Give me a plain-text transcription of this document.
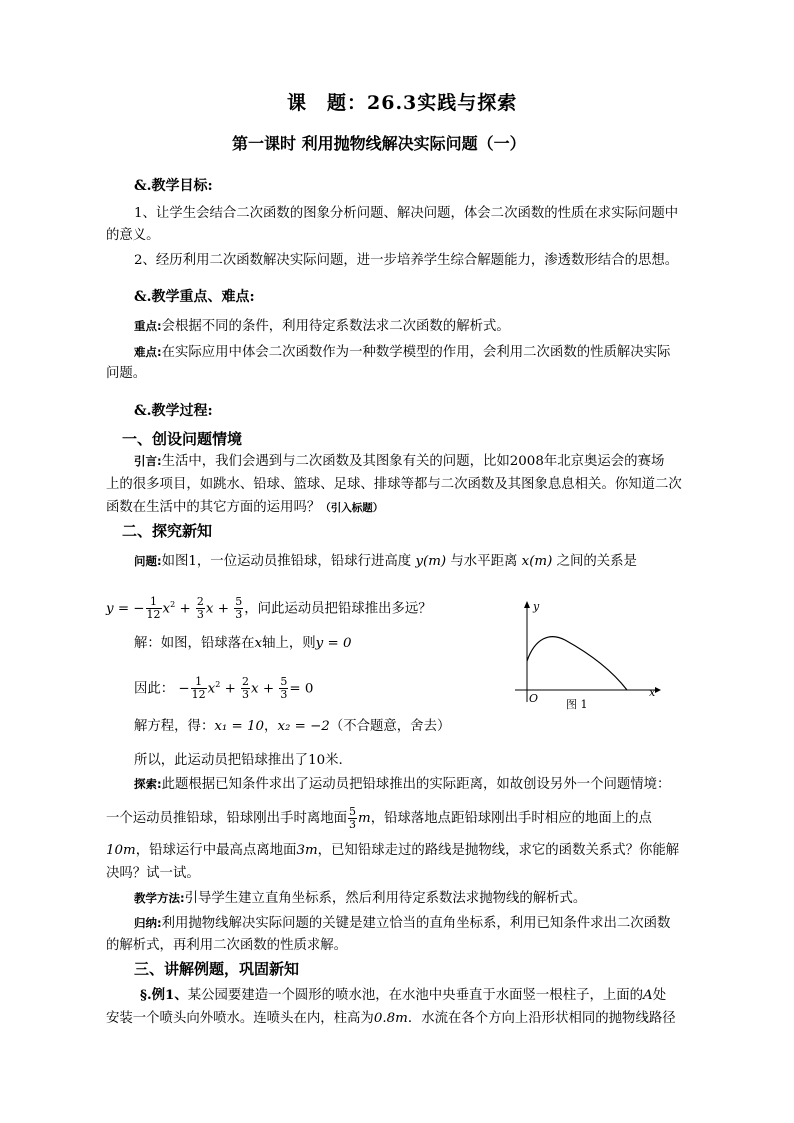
课　题：26.3实践与探索
第一课时 利用抛物线解决实际问题（一）
&.教学目标:
1、让学生会结合二次函数的图象分析问题、解决问题，体会二次函数的性质在求实际问题中
的意义。
2、经历利用二次函数解决实际问题，进一步培养学生综合解题能力，渗透数形结合的思想。
&.教学重点、难点:
重点:会根据不同的条件，利用待定系数法求二次函数的解析式。
难点:在实际应用中体会二次函数作为一种数学模型的作用，会利用二次函数的性质解决实际
问题。
&.教学过程:
一、创设问题情境
引言:生活中，我们会遇到与二次函数及其图象有关的问题，比如2008年北京奥运会的赛场
上的很多项目，如跳水、铅球、篮球、足球、排球等都与二次函数及其图象息息相关。你知道二次
函数在生活中的其它方面的运用吗？（引入标题）
二、探究新知
问题:如图1，一位运动员推铅球，铅球行进高度 y(m) 与水平距离 x(m) 之间的关系是
y = − $\frac{1}{12} x^2 + \frac{2}{3}$ $x + \frac{5}{3}$ ，问此运动员把铅球推出多远？
解：如图，铅球落在x轴上，则y = 0
因此： − $\frac{1}{12} x^2 + \frac{2}{3}$ $x + \frac{5}{3} = 0$
解方程，得：x₁ = 10，x₂ = −2（不合题意，舍去）
所以，此运动员把铅球推出了10米.
探索:此题根据已知条件求出了运动员把铅球推出的实际距离，如故创设另外一个问题情境：
一个运动员推铅球，铅球刚出手时离地面 $\frac{5}{3}$ m，铅球落地点距铅球刚出手时相应的地面上的点
10m，铅球运行中最高点离地面3m，已知铅球走过的路线是抛物线，求它的函数关系式？你能解
决吗？试一试。
教学方法:引导学生建立直角坐标系，然后利用待定系数法求抛物线的解析式。
归纳:利用抛物线解决实际问题的关键是建立恰当的直角坐标系，利用已知条件求出二次函数
的解析式，再利用二次函数的性质求解。
三、讲解例题，巩固新知
§.例1、某公园要建造一个圆形的喷水池，在水池中央垂直于水面竖一根柱子，上面的A处
安装一个喷头向外喷水。连喷头在内，柱高为0.8m．水流在各个方向上沿形状相同的抛物线路径
y
x
O	图 1
